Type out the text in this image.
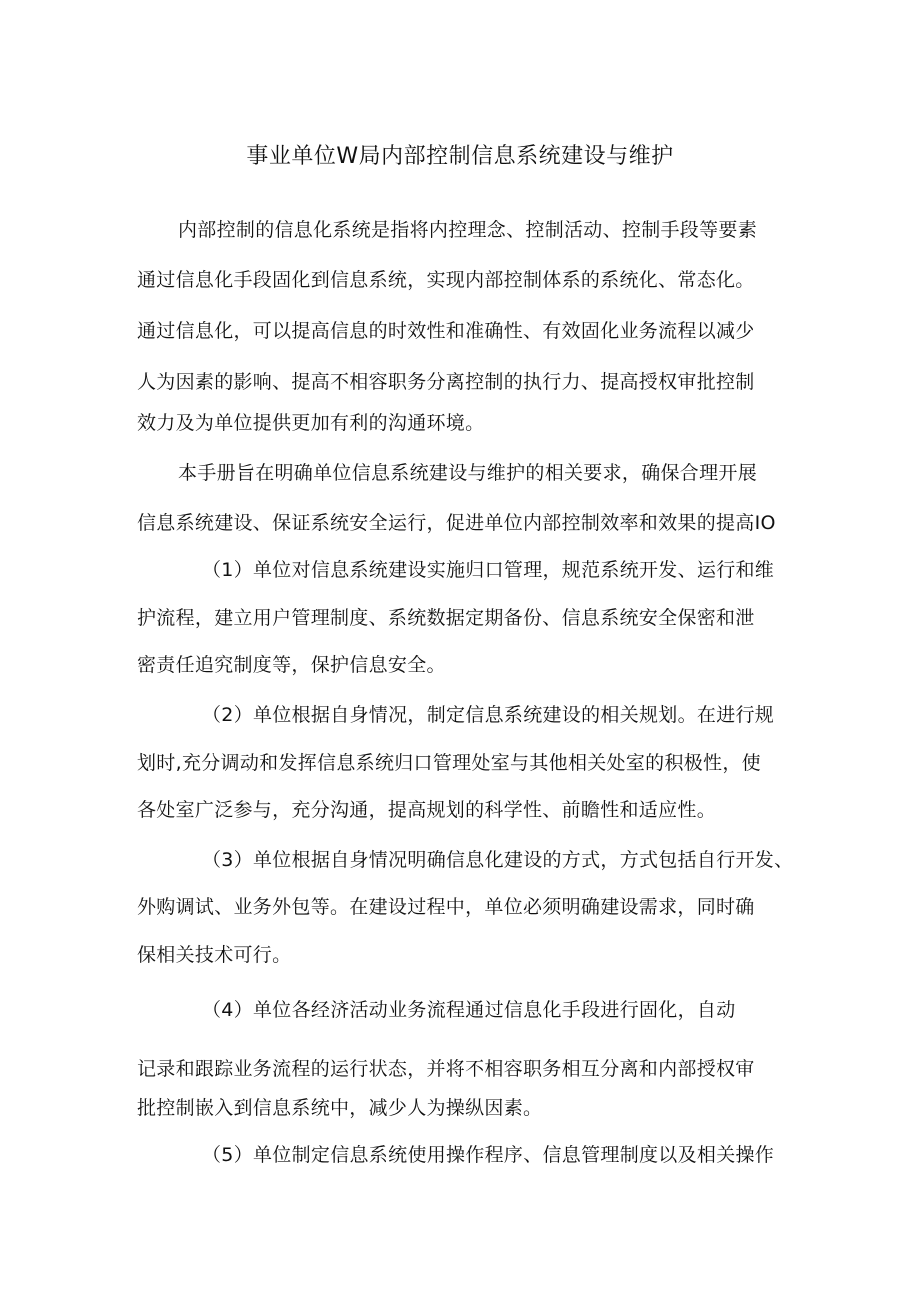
事业单位W局内部控制信息系统建设与维护
内部控制的信息化系统是指将内控理念、控制活动、控制手段等要素
通过信息化手段固化到信息系统，实现内部控制体系的系统化、常态化。
通过信息化，可以提高信息的时效性和准确性、有效固化业务流程以减少
人为因素的影响、提高不相容职务分离控制的执行力、提高授权审批控制
效力及为单位提供更加有利的沟通环境。
本手册旨在明确单位信息系统建设与维护的相关要求，确保合理开展
信息系统建设、保证系统安全运行，促进单位内部控制效率和效果的提高IO
（1）单位对信息系统建设实施归口管理，规范系统开发、运行和维
护流程，建立用户管理制度、系统数据定期备份、信息系统安全保密和泄
密责任追究制度等，保护信息安全。
（2）单位根据自身情况，制定信息系统建设的相关规划。在进行规
划时,充分调动和发挥信息系统归口管理处室与其他相关处室的积极性，使
各处室广泛参与，充分沟通，提高规划的科学性、前瞻性和适应性。
（3）单位根据自身情况明确信息化建设的方式，方式包括自行开发、
外购调试、业务外包等。在建设过程中，单位必须明确建设需求，同时确
保相关技术可行。
（4）单位各经济活动业务流程通过信息化手段进行固化，自动
记录和跟踪业务流程的运行状态，并将不相容职务相互分离和内部授权审
批控制嵌入到信息系统中，减少人为操纵因素。
（5）单位制定信息系统使用操作程序、信息管理制度以及相关操作
